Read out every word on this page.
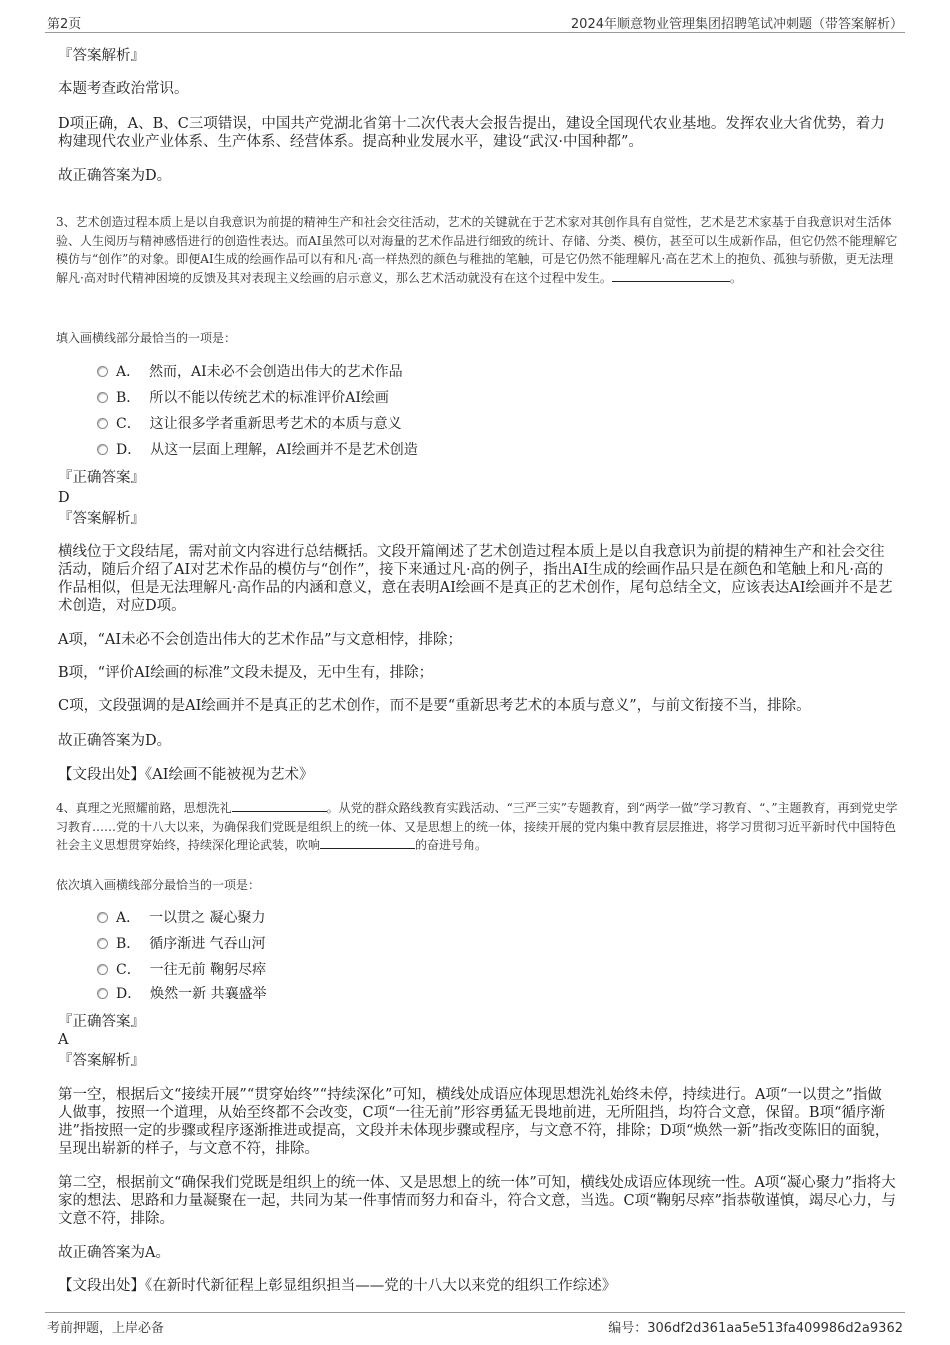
第2页	2024年顺意物业管理集团招聘笔试冲刺题（带答案解析）
『答案解析』

本题考查政治常识。

D项正确，A、B、C三项错误，中国共产党湖北省第十二次代表大会报告提出，建设全国现代农业基地。发挥农业大省优势，着力构建现代农业产业体系、生产体系、经营体系。提高种业发展水平，建设“武汉·中国种都”。

故正确答案为D。

3、艺术创造过程本质上是以自我意识为前提的精神生产和社会交往活动，艺术的关键就在于艺术家对其创作具有自觉性，艺术是艺术家基于自我意识对生活体验、人生阅历与精神感悟进行的创造性表达。而AI虽然可以对海量的艺术作品进行细致的统计、存储、分类、模仿，甚至可以生成新作品，但它仍然不能理解它模仿与“创作”的对象。即便AI生成的绘画作品可以有和凡·高一样热烈的颜色与稚拙的笔触，可是它仍然不能理解凡·高在艺术上的抱负、孤独与骄傲，更无法理解凡·高对时代精神困境的反馈及其对表现主义绘画的启示意义，那么艺术活动就没有在这个过程中发生。	。

填入画横线部分最恰当的一项是：
A． 然而，AI未必不会创造出伟大的艺术作品
B． 所以不能以传统艺术的标准评价AI绘画
C． 这让很多学者重新思考艺术的本质与意义
D． 从这一层面上理解，AI绘画并不是艺术创造
『正确答案』
D
『答案解析』

横线位于文段结尾，需对前文内容进行总结概括。文段开篇阐述了艺术创造过程本质上是以自我意识为前提的精神生产和社会交往活动，随后介绍了AI对艺术作品的模仿与“创作”，接下来通过凡·高的例子，指出AI生成的绘画作品只是在颜色和笔触上和凡·高的作品相似，但是无法理解凡·高作品的内涵和意义，意在表明AI绘画不是真正的艺术创作，尾句总结全文，应该表达AI绘画并不是艺术创造，对应D项。

A项，“AI未必不会创造出伟大的艺术作品”与文意相悖，排除；

B项，“评价AI绘画的标准”文段未提及，无中生有，排除；

C项，文段强调的是AI绘画并不是真正的艺术创作，而不是要“重新思考艺术的本质与意义”，与前文衔接不当，排除。

故正确答案为D。

【文段出处】《AI绘画不能被视为艺术》

4、真理之光照耀前路，思想洗礼	。从党的群众路线教育实践活动、“三严三实”专题教育，到“两学一做”学习教育、“、”主题教育，再到党史学习教育……党的十八大以来，为确保我们党既是组织上的统一体、又是思想上的统一体，接续开展的党内集中教育层层推进，将学习贯彻习近平新时代中国特色社会主义思想贯穿始终，持续深化理论武装，吹响	的奋进号角。

依次填入画横线部分最恰当的一项是：
A． 一以贯之 凝心聚力
B． 循序渐进 气吞山河
C． 一往无前 鞠躬尽瘁
D． 焕然一新 共襄盛举
『正确答案』
A
『答案解析』

第一空，根据后文“接续开展”“贯穿始终”“持续深化”可知，横线处成语应体现思想洗礼始终未停，持续进行。A项“一以贯之”指做人做事，按照一个道理，从始至终都不会改变，C项“一往无前”形容勇猛无畏地前进，无所阻挡，均符合文意，保留。B项“循序渐进”指按照一定的步骤或程序逐渐推进或提高，文段并未体现步骤或程序，与文意不符，排除；D项“焕然一新”指改变陈旧的面貌，呈现出崭新的样子，与文意不符，排除。

第二空，根据前文“确保我们党既是组织上的统一体、又是思想上的统一体”可知，横线处成语应体现统一性。A项“凝心聚力”指将大家的想法、思路和力量凝聚在一起，共同为某一件事情而努力和奋斗，符合文意，当选。C项“鞠躬尽瘁”指恭敬谨慎，竭尽心力，与文意不符，排除。

故正确答案为A。

【文段出处】《在新时代新征程上彰显组织担当——党的十八大以来党的组织工作综述》

考前押题，上岸必备	编号：306df2d361aa5e513fa409986d2a9362
